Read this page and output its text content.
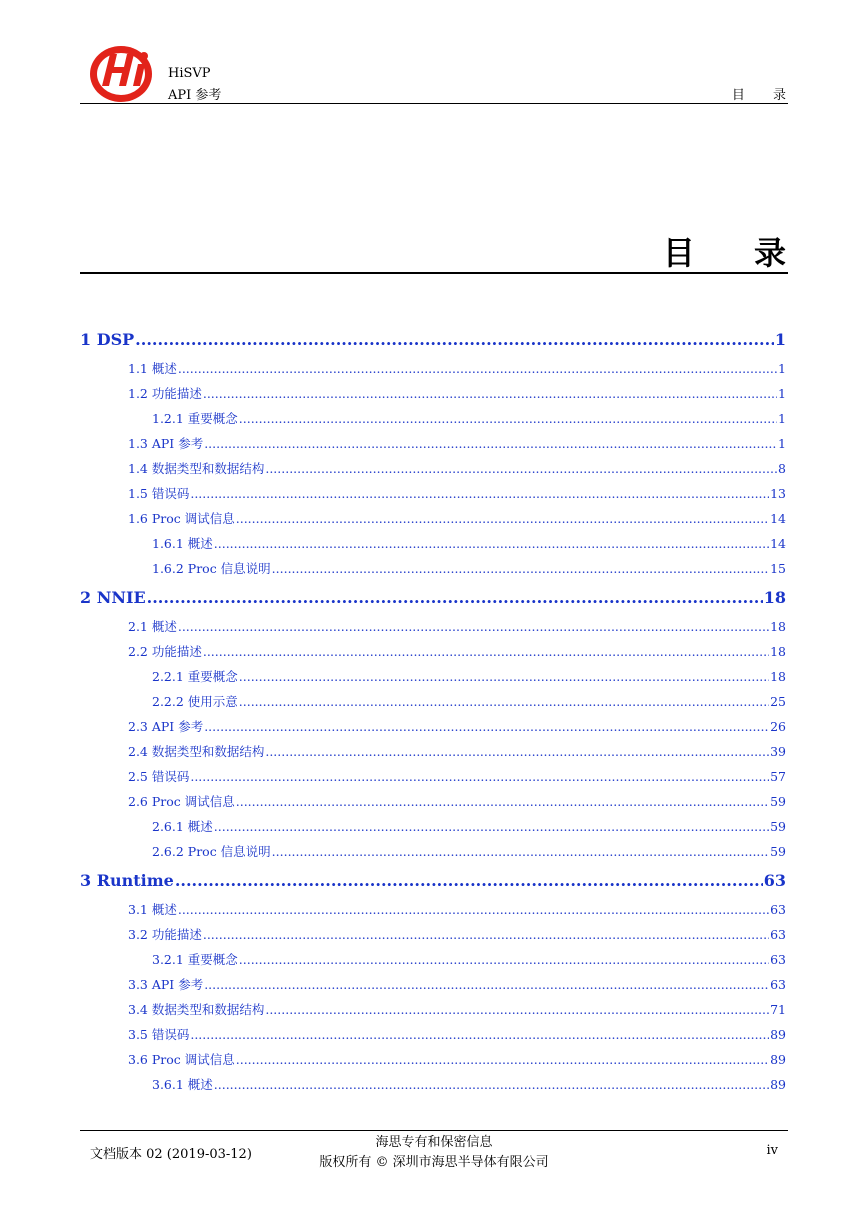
HiSVP
API 参考	目 录
目 录
1 DSP .....	1
1.1 概述 .....	1
1.2 功能描述 .....	1
1.2.1 重要概念 .....	1
1.3 API 参考 .....	1
1.4 数据类型和数据结构 .....	8
1.5 错误码 .....	13
1.6 Proc 调试信息 .....	14
1.6.1 概述 .....	14
1.6.2 Proc 信息说明 .....	15
2 NNIE .....	18
2.1 概述 .....	18
2.2 功能描述 .....	18
2.2.1 重要概念 .....	18
2.2.2 使用示意 .....	25
2.3 API 参考 .....	26
2.4 数据类型和数据结构 .....	39
2.5 错误码 .....	57
2.6 Proc 调试信息 .....	59
2.6.1 概述 .....	59
2.6.2 Proc 信息说明 .....	59
3 Runtime .....	63
3.1 概述 .....	63
3.2 功能描述 .....	63
3.2.1 重要概念 .....	63
3.3 API 参考 .....	63
3.4 数据类型和数据结构 .....	71
3.5 错误码 .....	89
3.6 Proc 调试信息 .....	89
3.6.1 概述 .....	89
文档版本 02 (2019-03-12)
海思专有和保密信息
版权所有 © 深圳市海思半导体有限公司
iv
